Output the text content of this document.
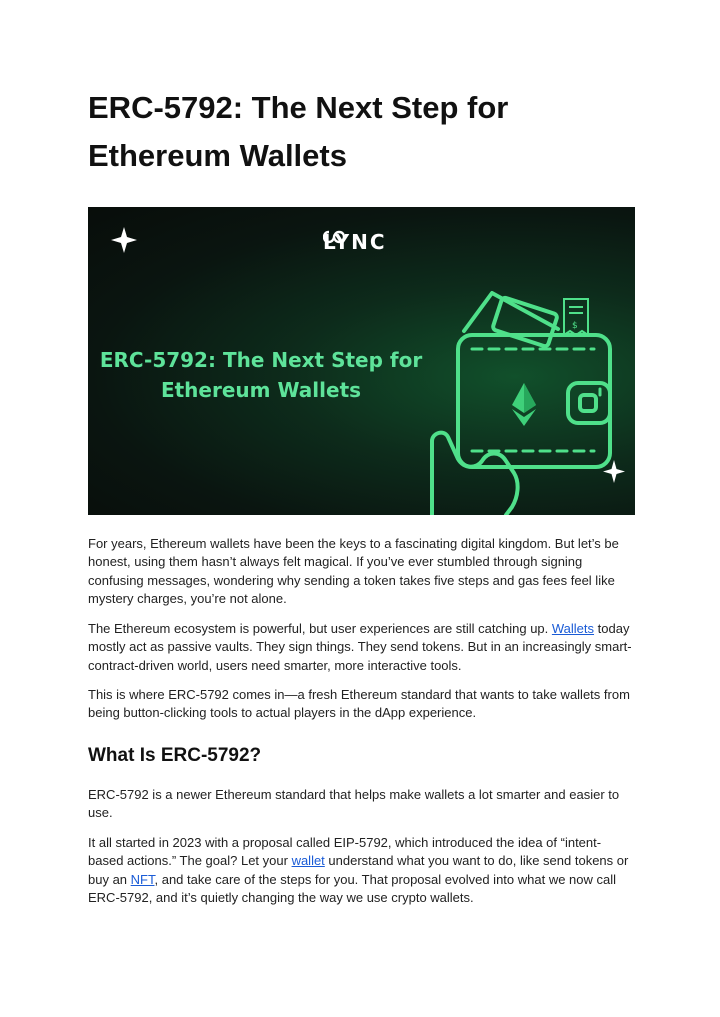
ERC-5792: The Next Step for Ethereum Wallets
$
LYNC
ERC-5792: The Next Step for
Ethereum Wallets

For years, Ethereum wallets have been the keys to a fascinating digital kingdom. But let’s be honest, using them hasn’t always felt magical. If you’ve ever stumbled through signing confusing messages, wondering why sending a token takes five steps and gas fees feel like mystery charges, you’re not alone.

The Ethereum ecosystem is powerful, but user experiences are still catching up. Wallets today mostly act as passive vaults. They sign things. They send tokens. But in an increasingly smart-contract-driven world, users need smarter, more interactive tools.

This is where ERC-5792 comes in—a fresh Ethereum standard that wants to take wallets from being button-clicking tools to actual players in the dApp experience.

What Is ERC-5792?

ERC-5792 is a newer Ethereum standard that helps make wallets a lot smarter and easier to use.

It all started in 2023 with a proposal called EIP-5792, which introduced the idea of “intent-based actions.” The goal? Let your wallet understand what you want to do, like send tokens or buy an NFT, and take care of the steps for you. That proposal evolved into what we now call ERC-5792, and it’s quietly changing the way we use crypto wallets.
